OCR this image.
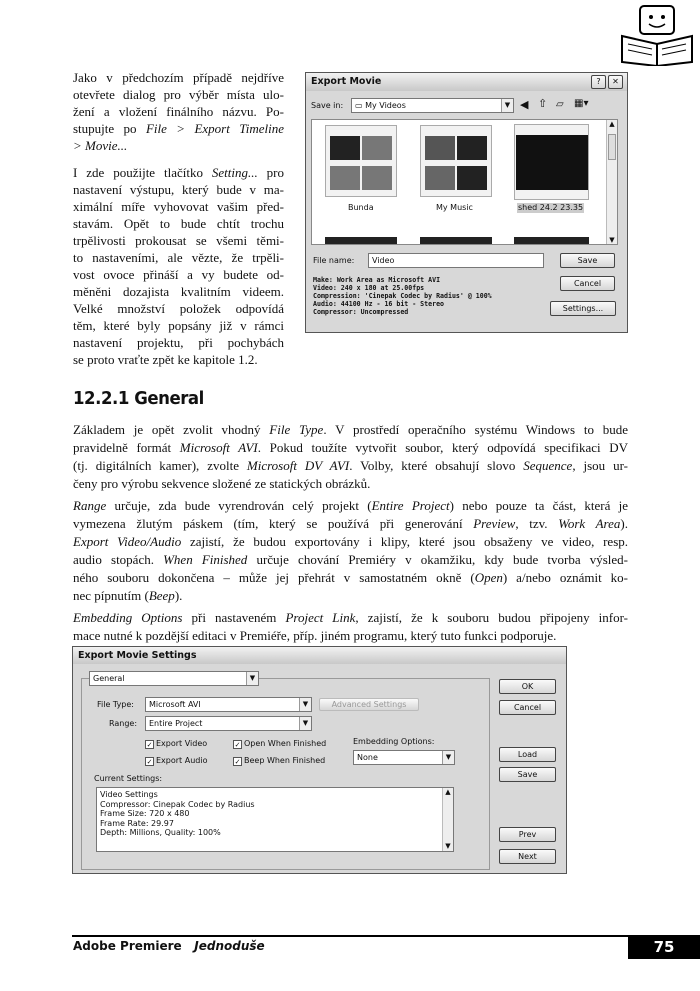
Jako v předchozím případě nejdříve
otevřete dialog pro výběr místa ulo-
žení a vložení finálního názvu. Po-
stupujte po File > Export Timeline
> Movie...
I zde použijte tlačítko Setting... pro
nastavení výstupu, který bude v ma-
ximální míře vyhovovat vašim před-
stavám. Opět to bude chtít trochu
trpělivosti prokousat se všemi těmi-
to nastaveními, ale vězte, že trpěli-
vost ovoce přináší a vy budete od-
měněni dozajista kvalitním videem.
Velké množství položek odpovídá
těm, které byly popsány již v rámci
nastavení projektu, při pochybách
se proto vraťte zpět ke kapitole 1.2.
12.2.1 General
Základem je opět zvolit vhodný File Type. V prostředí operačního systému Windows to bude
pravidelně formát Microsoft AVI. Pokud toužíte vytvořit soubor, který odpovídá specifikaci DV
(tj. digitálních kamer), zvolte Microsoft DV AVI. Volby, které obsahují slovo Sequence, jsou ur-
čeny pro výrobu sekvence složené ze statických obrázků.
Range určuje, zda bude vyrendrován celý projekt (Entire Project) nebo pouze ta část, která je
vymezena žlutým páskem (tím, který se používá při generování Preview, tzv. Work Area).
Export Video/Audio zajistí, že budou exportovány i klipy, které jsou obsaženy ve video, resp.
audio stopách. When Finished určuje chování Premiéry v okamžiku, kdy bude tvorba výsled-
ného souboru dokončena – může jej přehrát v samostatném okně (Open) a/nebo oznámit ko-
nec pípnutím (Beep).
Embedding Options při nastaveném Project Link, zajistí, že k souboru budou připojeny infor-
mace nutné k pozdější editaci v Premiéře, příp. jiném programu, který tuto funkci podporuje.
Export Movie	?	✕
Save in:	▭ My Videos	▼ ◀ ⇧ ▱ ▦▾
Bunda	My Music	shed 24.2 23.35
▲
▼
File name:	Video	Save
Cancel
Settings...
Make: Work Area as Microsoft AVI
Video: 240 x 180 at 25.00fps
Compression: 'Cinepak Codec by Radius' @ 100%
Audio: 44100 Hz - 16 bit - Stereo
Compressor: Uncompressed
Export Movie Settings
General	▼
File Type:	Microsoft AVI	▼	Advanced Settings
Range:	Entire Project	▼
✓ Export Video
✓ Export Audio
✓ Open When Finished
✓ Beep When Finished
Embedding Options:
None	▼
Current Settings:
Video Settings
Compressor: Cinepak Codec by Radius
Frame Size: 720 x 480
Frame Rate: 29.97
Depth: Millions, Quality: 100%
▲
▼
OK
Cancel
Load
Save
Prev
Next
Adobe Premiere Jednoduše	75
